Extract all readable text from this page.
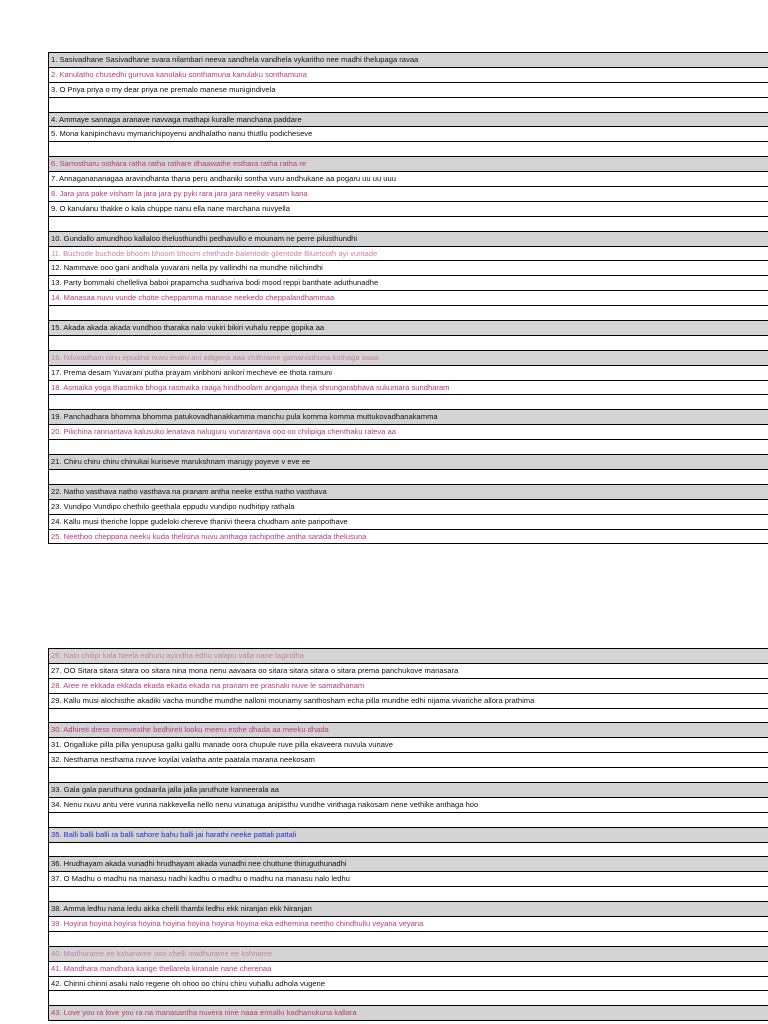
1. Sasivadhane Sasivadhane svara nilambari neeva sandhela vandhela vykaritho nee madhi thelupaga ravaa
2. Kanulatho chusedhi gurruva kanulaku sonthamuna kanulaku sonthamuna
3. O Priya priya o my dear priya ne premalo manese munigindivela
4. Ammaye sannaga aranave navvaga mathapi kuralle manchana paddare
5. Mona kanipinchavu mymarichipoyenu andhalatho nanu thutllu podicheseve
6. Sarrostharu osthara ratha ratha rathare dhaawathe esthara ratha ratha re
7. Annaganananagaa aravindhanta thana peru andhaniki sontha vuru andhukane aa pogaru uu uu uuu
8. Jara jara pake visham la jara jara py pyki rara jara jara neeky vasam kana
9. O kanulanu thakke o kala chuppe nanu ella nane marchana nuvyella
10. Gundallo amundhoo kallaloo thelusthundhi pedhavullo e mounam ne perre pilusthundhi
11. Buchode buchode bhoom bhoom bhoom chethade balentode gilentode Bluetooth ayi vuntade
12. Nammave ooo gani andhala yuvarani nella py vallindhi na mundhe nilichindhi
13. Party bommaki chelleliva baboi prapamcha sudhariva bodi mood reppi banthate aduthunadhe
14. Manasaa nuvu vunde chotte cheppamma manase neekedo cheppalandhammaa
15. Akada akada akada vundhoo tharaka nalo vukiri bikiri vuhalu reppe gopika aa
16. Niluvadham ninu epudina nuvu evaru ani adigena aaa chithrame gamanisthuna kothaga aaaa
17. Prema desam Yuvarani putha prayam viribhoni arikori mecheve ee thota ramuni
18. Asmaika yoga thasmika bhoga rasmaika raaga hindhoolam angangaa theja shrungarabhava sukumara sundharam
19. Panchadhara bhomma bhomma patukovadhanakkamma manchu pula komma komma muttukovadhanakamma
20. Pilichina rannantava kalusuko lenatava naluguru vunarantava ooo oo chilipiga chenthaku raleva aa
21. Chiru chiru chiru chinukai kuriseve marukshnam marugy poyeve v eve ee
22. Natho vasthava natho vasthava na pranam antha neeke estha natho vasthava
23. Vundipo Vundipo chethilo geethala eppudu vundipo nudhitipy rathala
24. Kallu musi theriche loppe gudeloki chereve thanivi theera chudham ante paripothave
25. Neethoo cheppana neeku kuda thelisina nuvu anthaga rachipothe antha sarada thelusuna
26. Nalo chilipi kala Neela edhuru ayindha edho valapu valla nane lagindha
27. OO Sitara sitara sitara oo sitara nina mona nenu aavaara oo sitara sitara sitara o sitara prema panchukove manasara
28. Aree re ekkada ekkada ekada ekada ekada na pranam ee prasnaki nuve le samadhanam
29. Kallu musi alochisthe akadiki vacha mundhe mundhe nalloni mounamy santhosham echa pilla mundhe edhi nijama vivariche allora prathima
30. Adhireti dress memvesthe bedhireti looku meeru esthe dhada aa meeku dhada
31. Origalluke pilla pilla yenupusa gallu gallu manade oora chupule ruve pilla ekaveera nuvula vunave
32. Nesthama nesthama nuvve koyilai valatha ante paatala marana neekosam
33. Gala gala paruthuna godaarila jalla jalla jaruthute kanneerala aa
34. Nenu nuvu antu vere vunna nakkevella nello nenu vunatuga anipisthu vundhe vinthaga nakosam nene vethike anthaga hoo
35. Balli balli balli ra balli sahore bahu balli jai harathi neeke pattali pattali
36. Hrudhayam akada vunadhi hrudhayam akada vunadhi nee chuttune thiruguthunadhi
37. O Madhu o madhu na manasu nadhi kadhu o madhu o madhu na manasu nalo ledhu
38. Amma ledhu nana ledu akka chelli thambi ledhu ekk niranjan ekk Niranjan
39. Hoyina hoyina hoyina hoyina hoyina hoyina hoyina hoyina eka edhemina neetho chindhullu veyana veyana
40. Madhurame ee kshaname ooo chelli madhurame ee kshname
41. Mandhara mandhara karige thellarela kiranale nane cherenaa
42. Chinni chinni asalu nalo regene oh ohoo oo chiru chiru vuhallu adhola vugene
43. Love you ra love you ra na manasantha nuvera nine naaa ennallu kadhanukuna kallara
